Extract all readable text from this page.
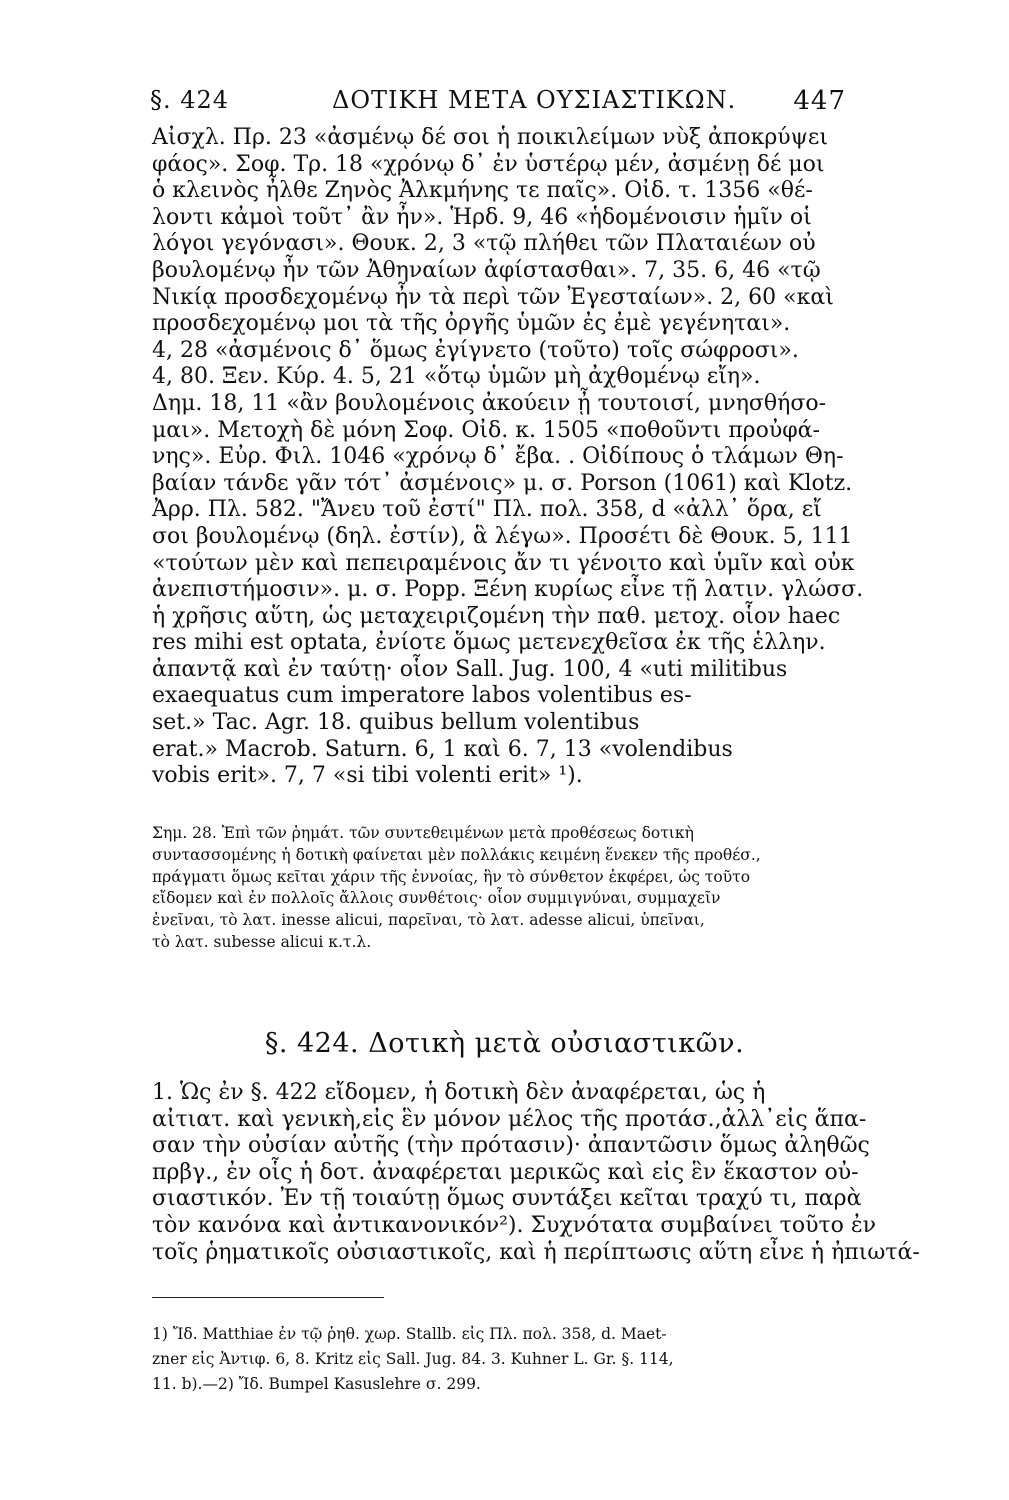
§. 424	ΔΟΤΙΚΗ ΜΕΤΑ ΟΥΣΙΑΣΤΙΚΩΝ. 447
Αἰσχλ. Πρ. 23 «ἀσμένῳ δέ σοι ἡ ποικιλείμων νὺξ ἀποκρύψει
φάος». Σοφ. Τρ. 18 «χρόνῳ δ᾽ ἐν ὑστέρῳ μέν, ἀσμένῃ δέ μοι
ὁ κλεινὸς ἦλθε Ζηνὸς Ἀλκμήνης τε παῖς». Οἰδ. τ. 1356 «θέ-
λοντι κἀμοὶ τοῦτ᾽ ἂν ἦν». Ἡρδ. 9, 46 «ἡδομένοισιν ἡμῖν οἱ
λόγοι γεγόνασι». Θουκ. 2, 3 «τῷ πλήθει τῶν Πλαταιέων οὐ
βουλομένῳ ἦν τῶν Ἀθηναίων ἀφίστασθαι». 7, 35. 6, 46 «τῷ
Νικίᾳ προσδεχομένῳ ἦν τὰ περὶ τῶν Ἐγεσταίων». 2, 60 «καὶ
προσδεχομένῳ μοι τὰ τῆς ὀργῆς ὑμῶν ἐς ἐμὲ γεγένηται».
4, 28 «ἀσμένοις δ᾽ ὅμως ἐγίγνετο (τοῦτο) τοῖς σώφροσι».
4, 80. Ξεν. Κύρ. 4. 5, 21 «ὅτῳ ὑμῶν μὴ ἀχθομένῳ εἴη».
Δημ. 18, 11 «ἂν βουλομένοις ἀκούειν ᾖ τουτοισί, μνησθήσο-
μαι». Μετοχὴ δὲ μόνη Σοφ. Οἰδ. κ. 1505 «ποθοῦντι προὐφά-
νης». Εὐρ. Φιλ. 1046 «χρόνῳ δ᾽ ἔβα. . Οἰδίπους ὁ τλάμων Θη-
βαίαν τάνδε γᾶν τότ᾽ ἀσμένοις» μ. σ. Porson (1061) καὶ Klotz.
Ἀρρ. Πλ. 582. "Ἄνευ τοῦ ἐστί" Πλ. πολ. 358, d «ἀλλ᾽ ὅρα, εἴ
σοι βουλομένῳ (δηλ. ἐστίν), ἃ λέγω». Προσέτι δὲ Θουκ. 5, 111
«τούτων μὲν καὶ πεπειραμένοις ἄν τι γένοιτο καὶ ὑμῖν καὶ οὐκ
ἀνεπιστήμοσιν». μ. σ. Popp. Ξένη κυρίως εἶνε τῇ λατιν. γλώσσ.
ἡ χρῆσις αὕτη, ὡς μεταχειριζομένη τὴν παθ. μετοχ. οἷον haec
res mihi est optata, ἐνίοτε ὅμως μετενεχθεῖσα ἐκ τῆς ἑλλην.
ἀπαντᾷ καὶ ἐν ταύτῃ· οἷον Sall. Jug. 100, 4 «uti militibus
exaequatus cum imperatore labos volentibus es-
set.» Tac. Agr. 18. quibus bellum volentibus
erat.» Macrob. Saturn. 6, 1 καὶ 6. 7, 13 «volendibus
vobis erit». 7, 7 «si tibi volenti erit» ¹).
Σημ. 28. Ἐπὶ τῶν ῥημάτ. τῶν συντεθειμένων μετὰ προθέσεως δοτικὴ
συντασσομένης ἡ δοτικὴ φαίνεται μὲν πολλάκις κειμένη ἕνεκεν τῆς προθέσ.,
πράγματι ὅμως κεῖται χάριν τῆς ἐννοίας, ἣν τὸ σύνθετον ἐκφέρει, ὡς τοῦτο
εἴδομεν καὶ ἐν πολλοῖς ἄλλοις συνθέτοις· οἷον συμμιγνύναι, συμμαχεῖν
ἐνεῖναι, τὸ λατ. inesse alicui, παρεῖναι, τὸ λατ. adesse alicui, ὑπεῖναι,
τὸ λατ. subesse alicui κ.τ.λ.
§. 424. Δοτικὴ μετὰ οὐσιαστικῶν.
1. Ὡς ἐν §. 422 εἴδομεν, ἡ δοτικὴ δὲν ἀναφέρεται, ὡς ἡ
αἰτιατ. καὶ γενικὴ,εἰς ἓν μόνον μέλος τῆς προτάσ.,ἀλλ᾽εἰς ἅπα-
σαν τὴν οὐσίαν αὐτῆς (τὴν πρότασιν)· ἀπαντῶσιν ὅμως ἀληθῶς
πρβγ., ἐν οἷς ἡ δοτ. ἀναφέρεται μερικῶς καὶ εἰς ἓν ἕκαστον οὐ-
σιαστικόν. Ἐν τῇ τοιαύτῃ ὅμως συντάξει κεῖται τραχύ τι, παρὰ
τὸν κανόνα καὶ ἀντικανονικόν²). Συχνότατα συμβαίνει τοῦτο ἐν
τοῖς ῥηματικοῖς οὐσιαστικοῖς, καὶ ἡ περίπτωσις αὕτη εἶνε ἡ ἠπιωτά-
1) Ἴδ. Matthiae ἐν τῷ ῥηθ. χωρ. Stallb. εἰς Πλ. πολ. 358, d. Maet-
zner εἰς Ἀντιφ. 6, 8. Kritz εἰς Sall. Jug. 84. 3. Kuhner L. Gr. §. 114,
11. b).—2) Ἴδ. Bumpel Kasuslehre σ. 299.
